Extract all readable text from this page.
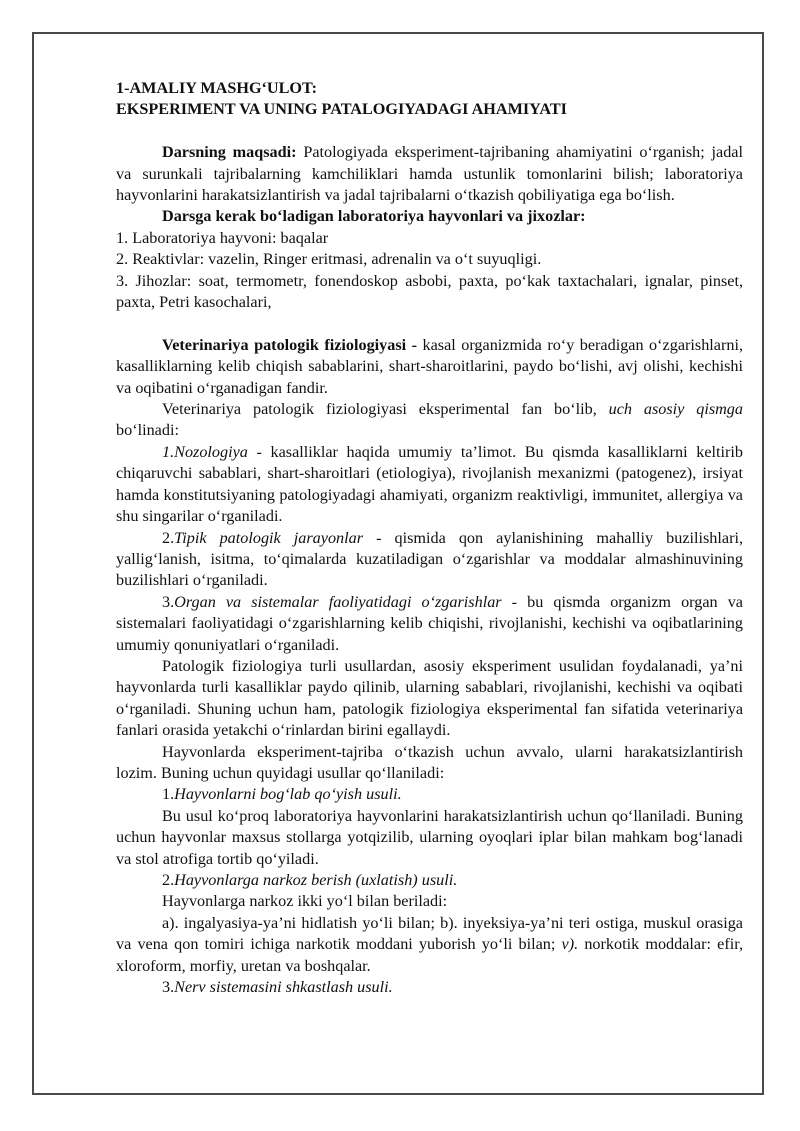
1-AMALIY MASHG‘ULOT:

EKSPERIMENT VA UNING PATALOGIYADAGI AHAMIYATI

Darsning maqsadi: Patologiyada eksperiment-tajribaning ahamiyatini o‘rganish; jadal va surunkali tajribalarning kamchiliklari hamda ustunlik tomonlarini bilish; laboratoriya hayvonlarini harakatsizlantirish va jadal tajribalarni o‘tkazish qobiliyatiga ega bo‘lish.

Darsga kerak bo‘ladigan laboratoriya hayvonlari va jixozlar:

1. Laboratoriya hayvoni: baqalar

2. Reaktivlar: vazelin, Ringer eritmasi, adrenalin va o‘t suyuqligi.

3. Jihozlar: soat, termometr, fonendoskop asbobi, paxta, po‘kak taxtachalari, ignalar, pinset, paxta, Petri kasochalari,

Veterinariya patologik fiziologiyasi - kasal organizmida ro‘y beradigan o‘zgarishlarni, kasalliklarning kelib chiqish sabablarini, shart-sharoitlarini, paydo bo‘lishi, avj olishi, kechishi va oqibatini o‘rganadigan fandir.

Veterinariya patologik fiziologiyasi eksperimental fan bo‘lib, uch asosiy qismga bo‘linadi:

1.Nozologiya - kasalliklar haqida umumiy ta’limot. Bu qismda kasalliklarni keltirib chiqaruvchi sabablari, shart-sharoitlari (etiologiya), rivojlanish mexanizmi (patogenez), irsiyat hamda konstitutsiyaning patologiyadagi ahamiyati, organizm reaktivligi, immunitet, allergiya va shu singarilar o‘rganiladi.

2.Tipik patologik jarayonlar - qismida qon aylanishining mahalliy buzilishlari, yallig‘lanish, isitma, to‘qimalarda kuzatiladigan o‘zgarishlar va moddalar almashinuvining buzilishlari o‘rganiladi.

3.Organ va sistemalar faoliyatidagi o‘zgarishlar - bu qismda organizm organ va sistemalari faoliyatidagi o‘zgarishlarning kelib chiqishi, rivojlanishi, kechishi va oqibatlarining umumiy qonuniyatlari o‘rganiladi.

Patologik fiziologiya turli usullardan, asosiy eksperiment usulidan foydalanadi, ya’ni hayvonlarda turli kasalliklar paydo qilinib, ularning sabablari, rivojlanishi, kechishi va oqibati o‘rganiladi. Shuning uchun ham, patologik fiziologiya eksperimental fan sifatida veterinariya fanlari orasida yetakchi o‘rinlardan birini egallaydi.

Hayvonlarda eksperiment-tajriba o‘tkazish uchun avvalo, ularni harakatsizlantirish lozim. Buning uchun quyidagi usullar qo‘llaniladi:

1.Hayvonlarni bog‘lab qo‘yish usuli.

Bu usul ko‘proq laboratoriya hayvonlarini harakatsizlantirish uchun qo‘llaniladi. Buning uchun hayvonlar maxsus stollarga yotqizilib, ularning oyoqlari iplar bilan mahkam bog‘lanadi va stol atrofiga tortib qo‘yiladi.

2.Hayvonlarga narkoz berish (uxlatish) usuli.

Hayvonlarga narkoz ikki yo‘l bilan beriladi:

a). ingalyasiya-ya’ni hidlatish yo‘li bilan; b). inyeksiya-ya’ni teri ostiga, muskul orasiga va vena qon tomiri ichiga narkotik moddani yuborish yo‘li bilan; v). norkotik moddalar: efir, xloroform, morfiy, uretan va boshqalar.

3.Nerv sistemasini shkastlash usuli.
